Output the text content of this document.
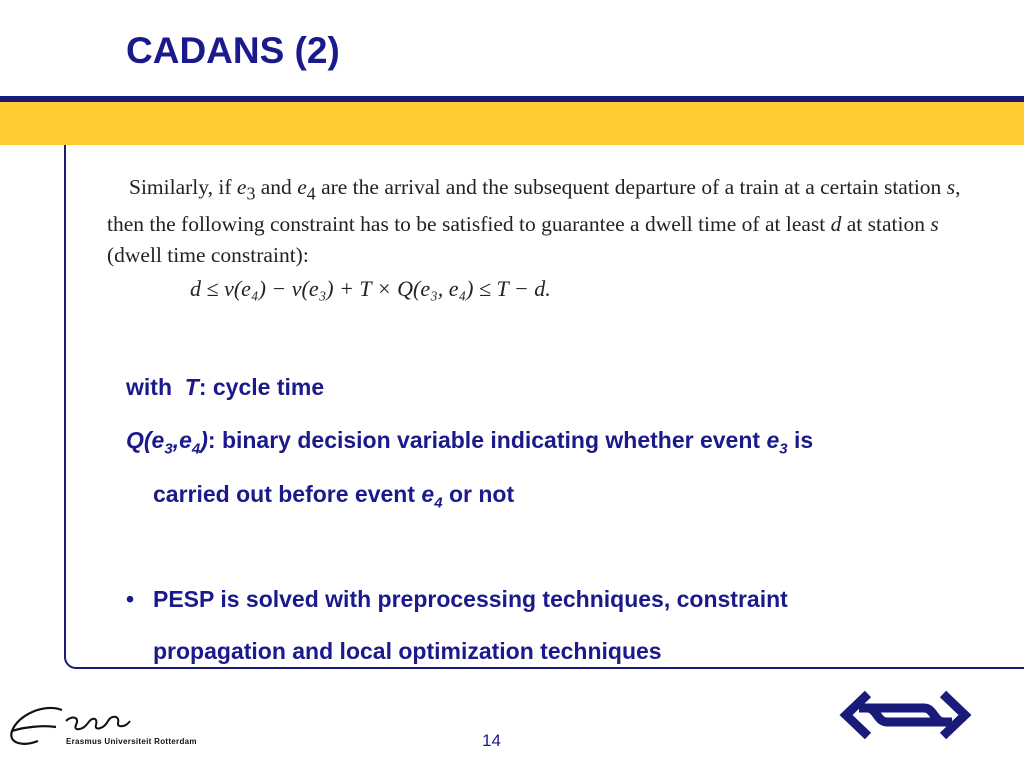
CADANS (2)

Similarly, if $e_3$ and $e_4$ are the arrival and the subsequent departure of a train at a certain station s, then the following constraint has to be satisfied to guarantee a dwell time of at least d at station s (dwell time constraint):

d ≤ v(e₄) − v(e₃) + T × Q(e₃, e₄) ≤ T − d.
with T: cycle time
$Q(e_3,e_4)$: binary decision variable indicating whether event $e_3$ is
carried out before event $e_4$ or not
• PESP is solved with preprocessing techniques, constraint
propagation and local optimization techniques
Erasmus Universiteit Rotterdam	14
